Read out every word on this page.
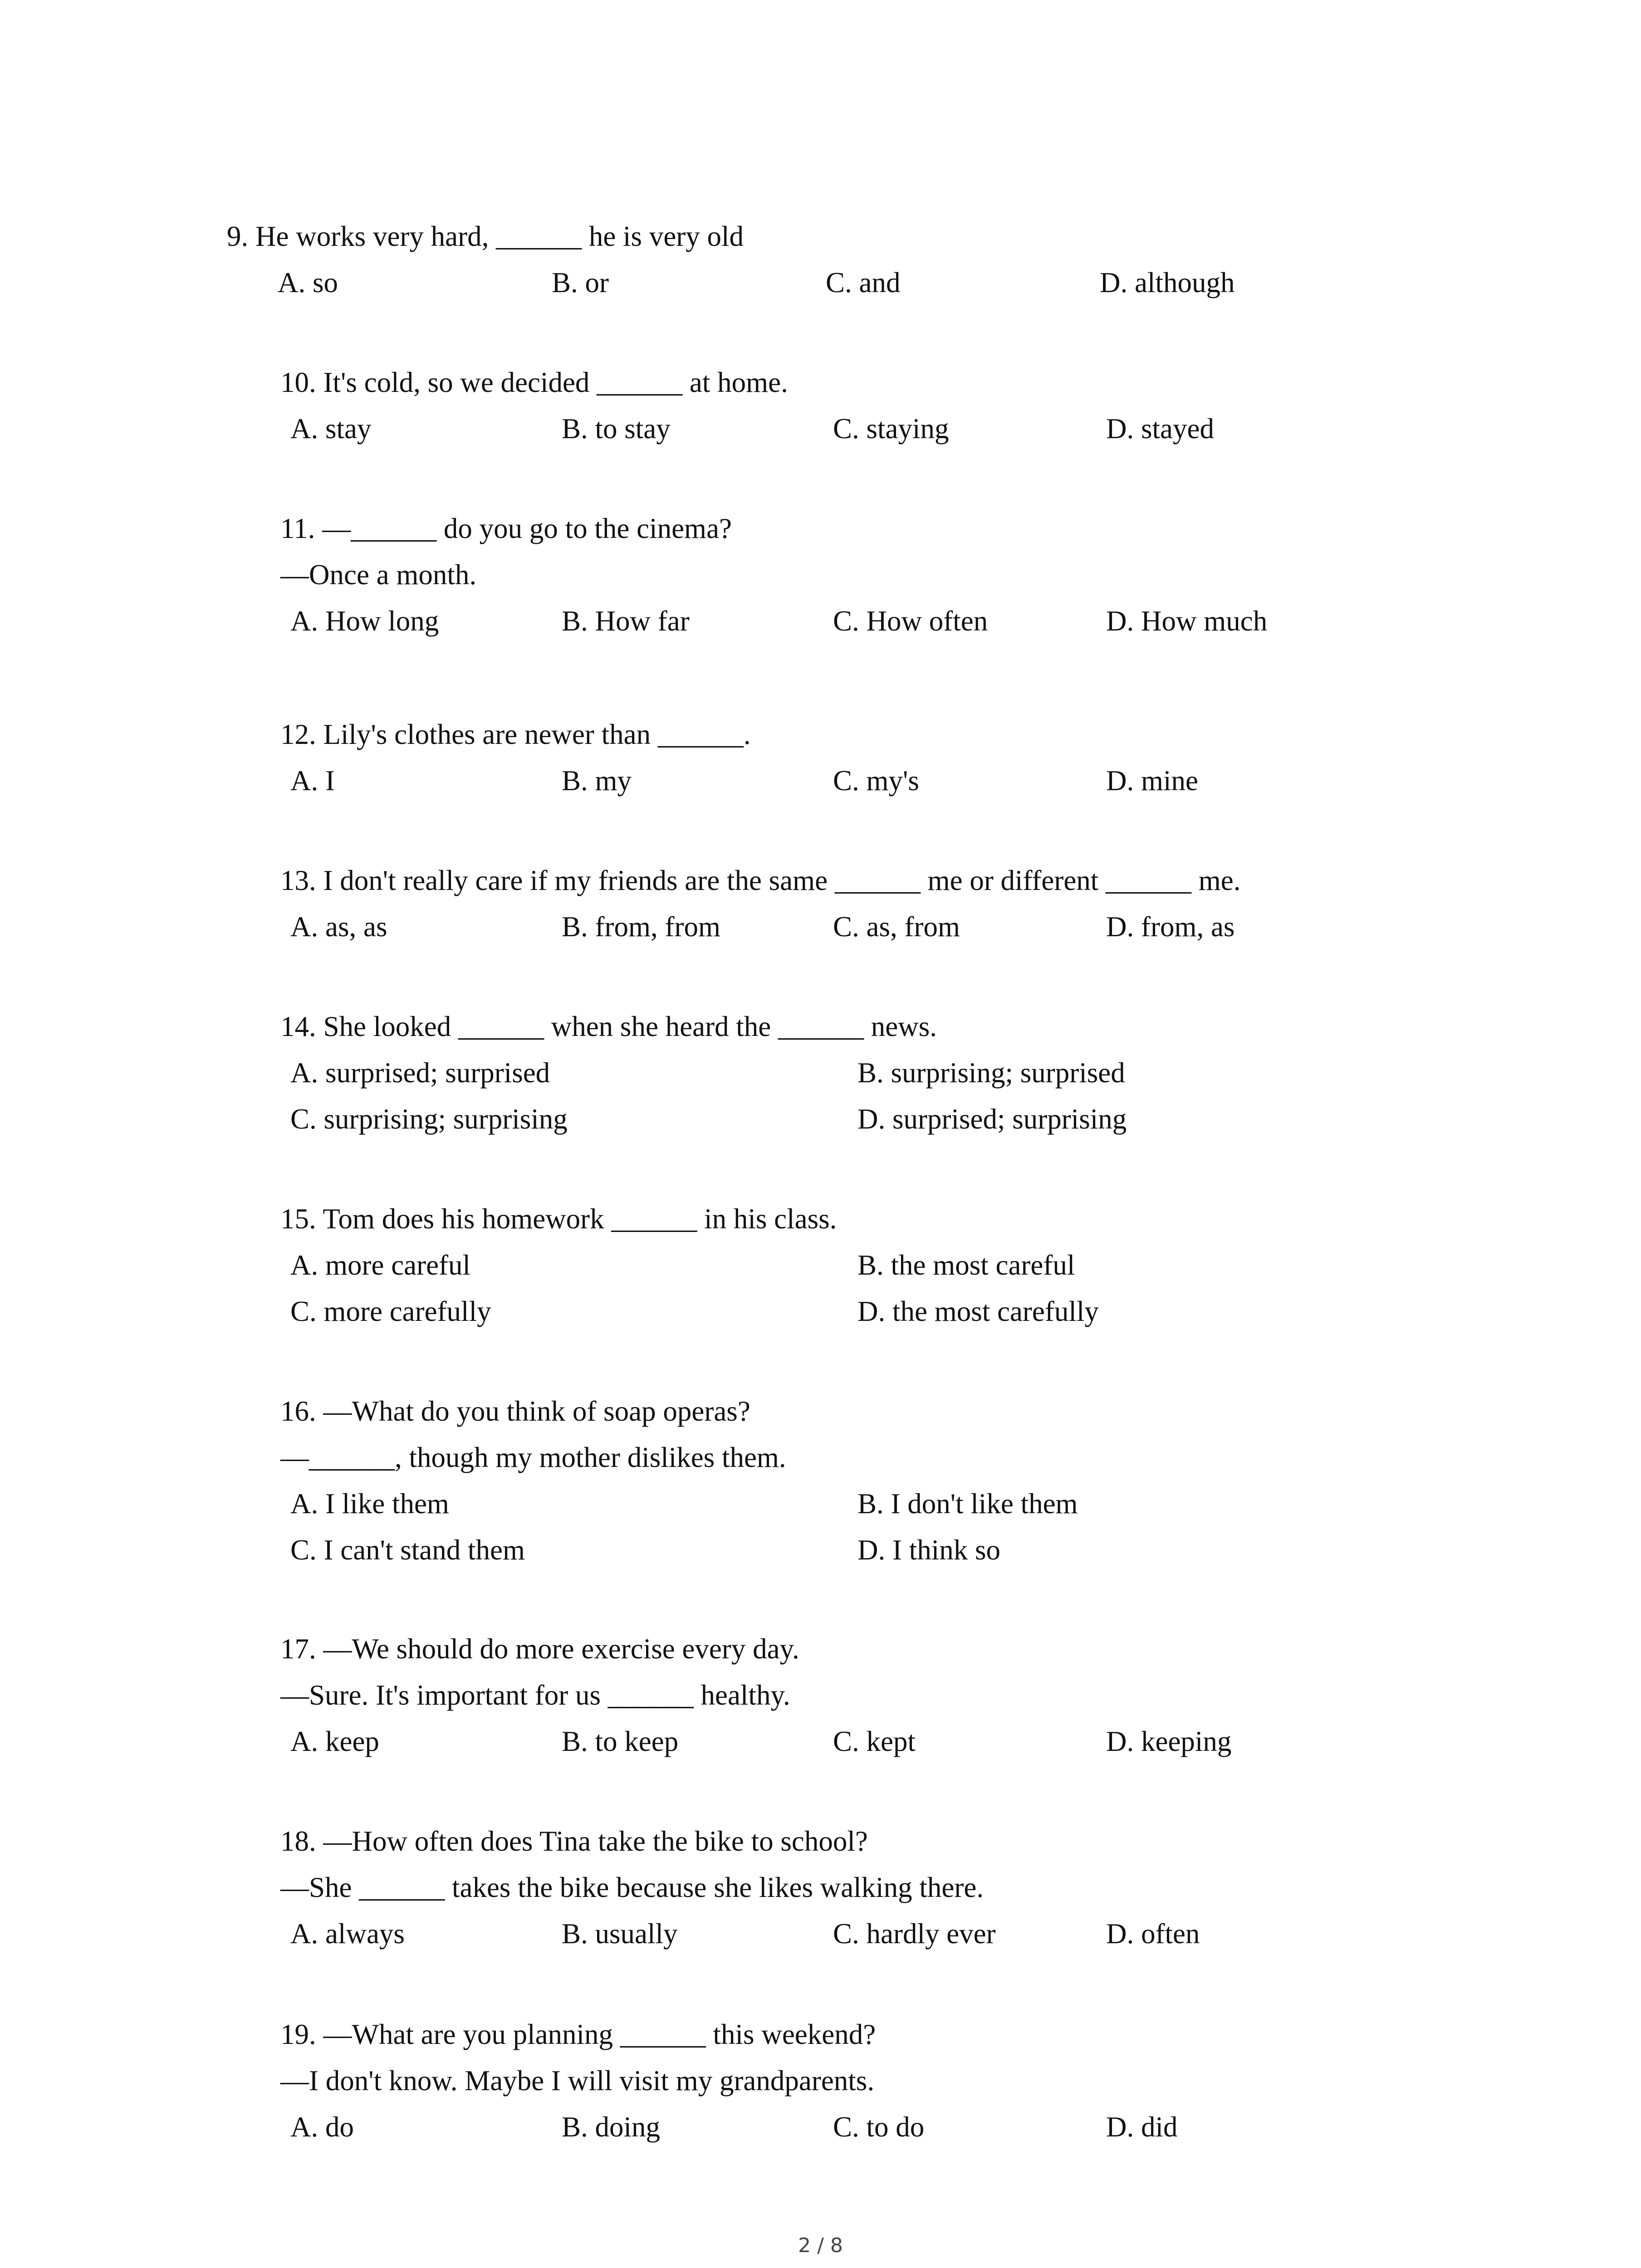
9. He works very hard, ______ he is very old
A. so	B. or	C. and	D. although
10. It's cold, so we decided ______ at home.
A. stay	B. to stay	C. staying	D. stayed
11. —______ do you go to the cinema?
—Once a month.
A. How long	B. How far	C. How often	D. How much
12. Lily's clothes are newer than ______.
A. I	B. my	C. my's	D. mine
13. I don't really care if my friends are the same ______ me or different ______ me.
A. as, as	B. from, from	C. as, from	D. from, as
14. She looked ______ when she heard the ______ news.
A. surprised; surprised	B. surprising; surprised
C. surprising; surprising	D. surprised; surprising
15. Tom does his homework ______ in his class.
A. more careful	B. the most careful
C. more carefully	D. the most carefully
16. —What do you think of soap operas?
—______, though my mother dislikes them.
A. I like them	B. I don't like them
C. I can't stand them	D. I think so
17. —We should do more exercise every day.
—Sure. It's important for us ______ healthy.
A. keep	B. to keep	C. kept	D. keeping
18. —How often does Tina take the bike to school?
—She ______ takes the bike because she likes walking there.
A. always	B. usually	C. hardly ever	D. often
19. —What are you planning ______ this weekend?
—I don't know. Maybe I will visit my grandparents.
A. do	B. doing	C. to do	D. did
2 / 8
